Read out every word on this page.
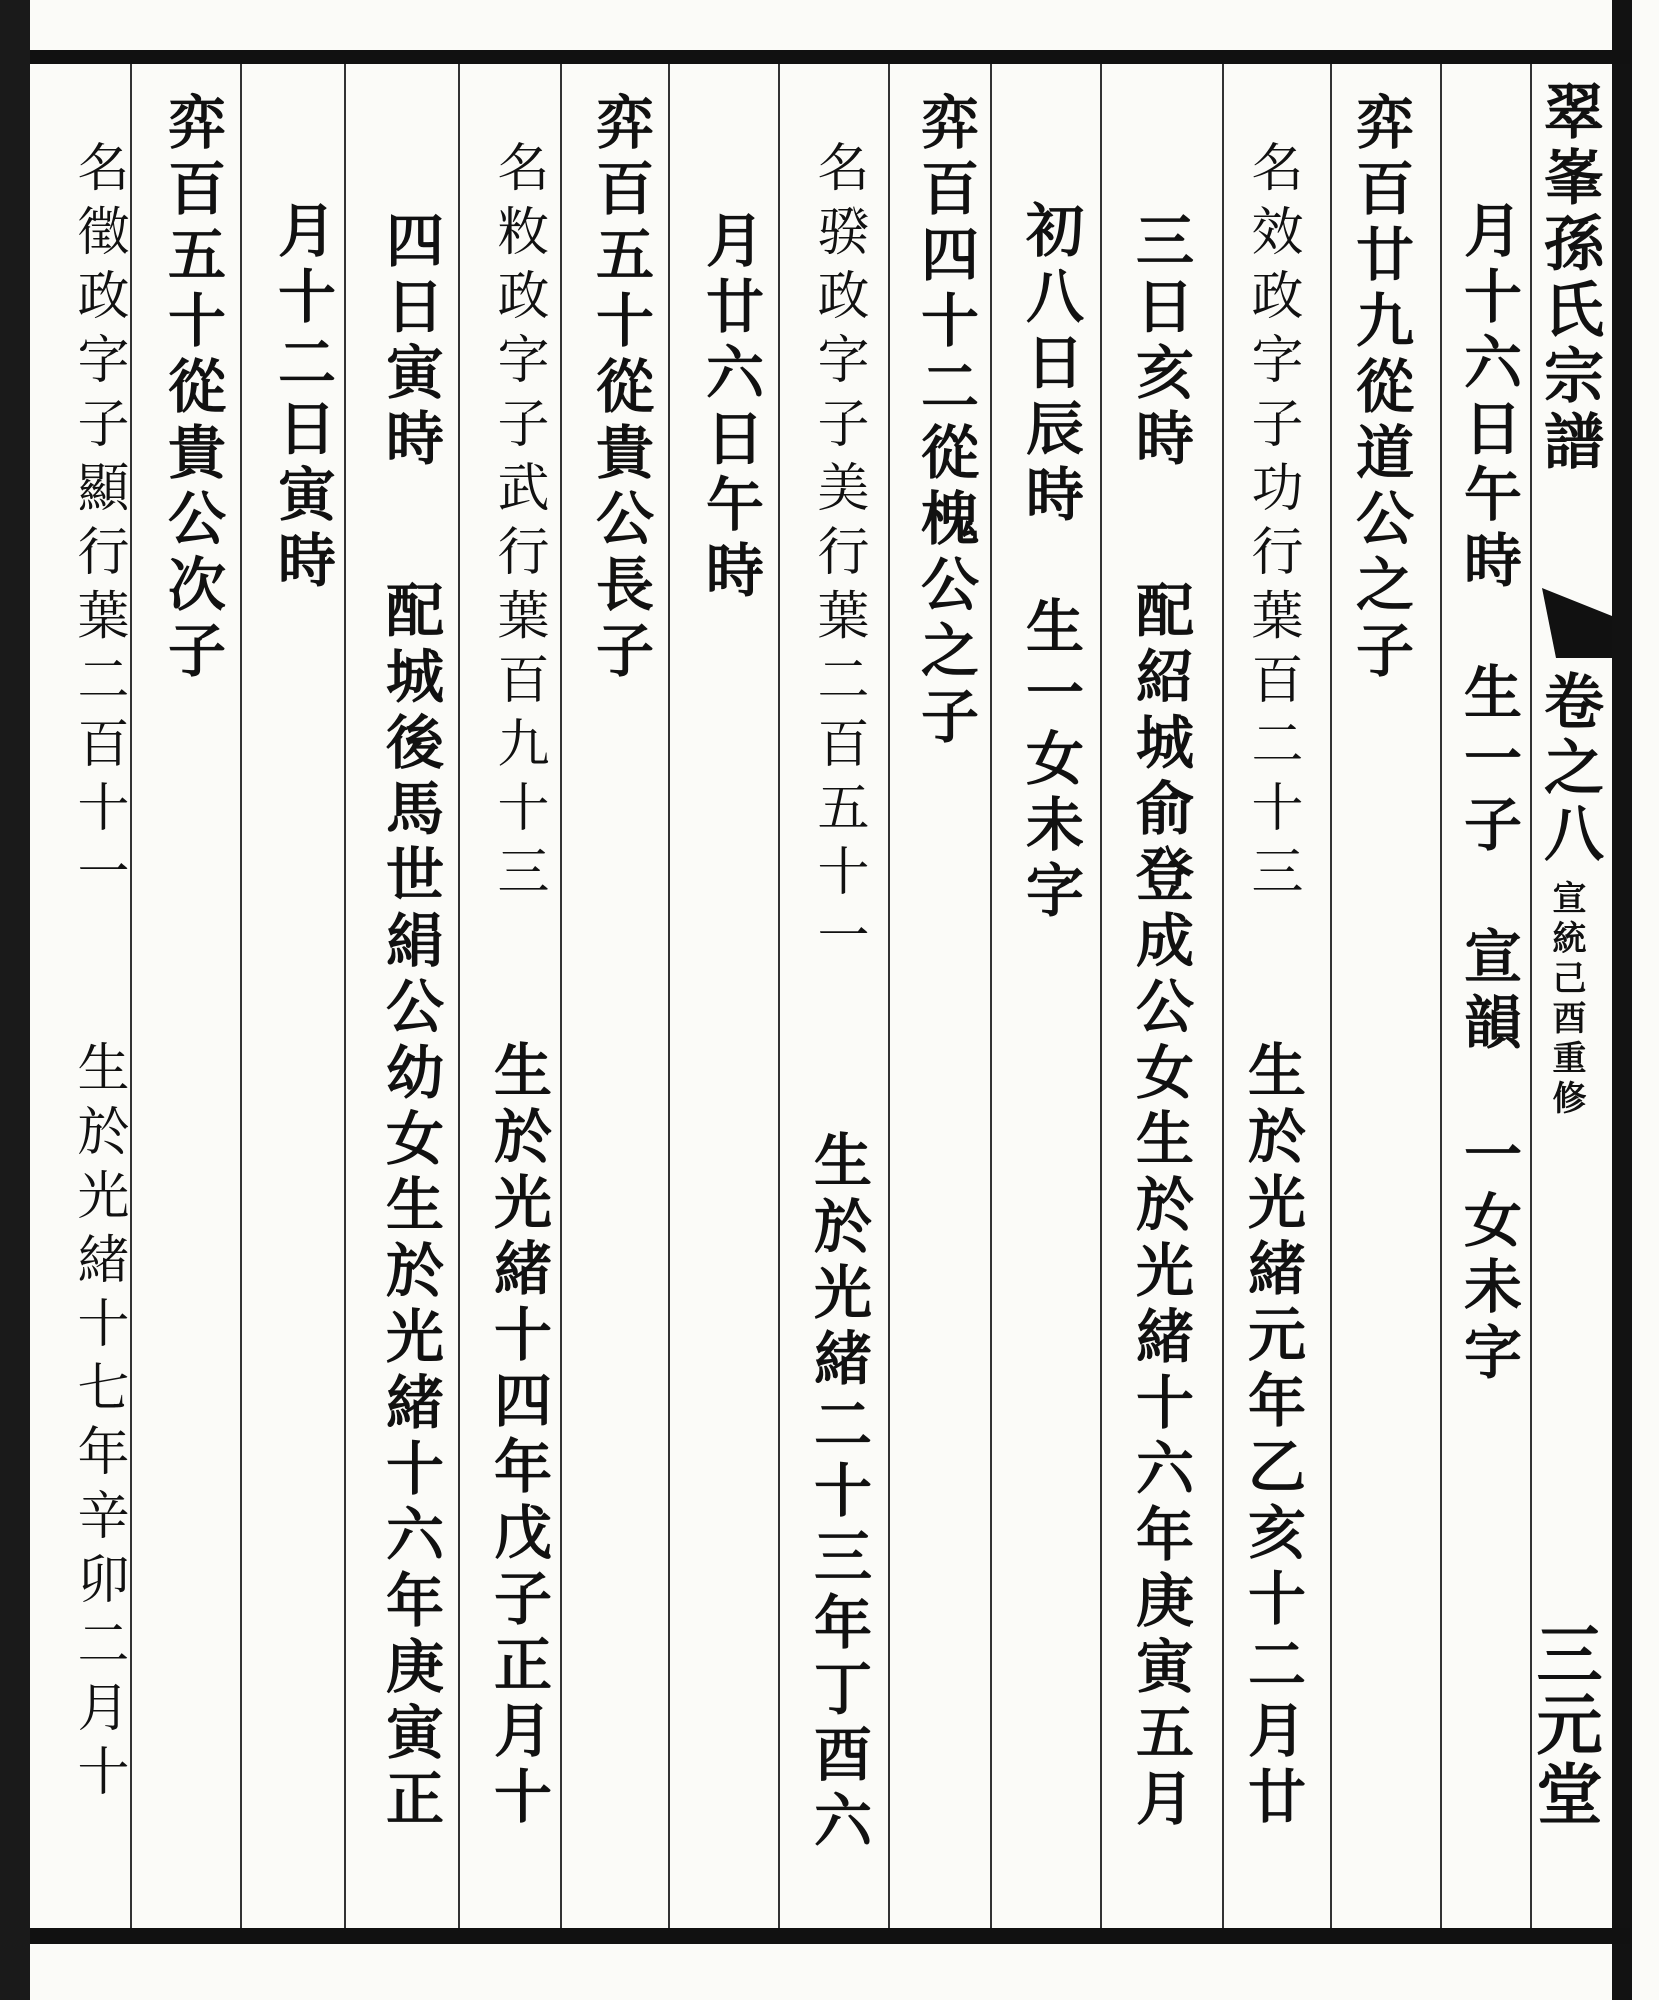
翠峯孫氏宗譜
卷之八
宣統己酉重修
三元堂
月十六日午時　生一子　宣韻　一女未字
弈百廿九從道公之子
名效政字子功行葉百二十三
生於光緒元年乙亥十二月廿
三日亥時
配紹城俞登成公女生於光緒十六年庚寅五月
初八日辰時　生一女未字
弈百四十二從槐公之子
名骙政字子美行葉二百五十一
生於光緒二十三年丁酉六
月廿六日午時
弈百五十從貴公長子
名敉政字子武行葉百九十三
生於光緒十四年戊子正月十
四日寅時
配城後馬世絹公幼女生於光緒十六年庚寅正
月十二日寅時
弈百五十從貴公次子
名徵政字子顯行葉二百十一
生於光緒十七年辛卯二月十
